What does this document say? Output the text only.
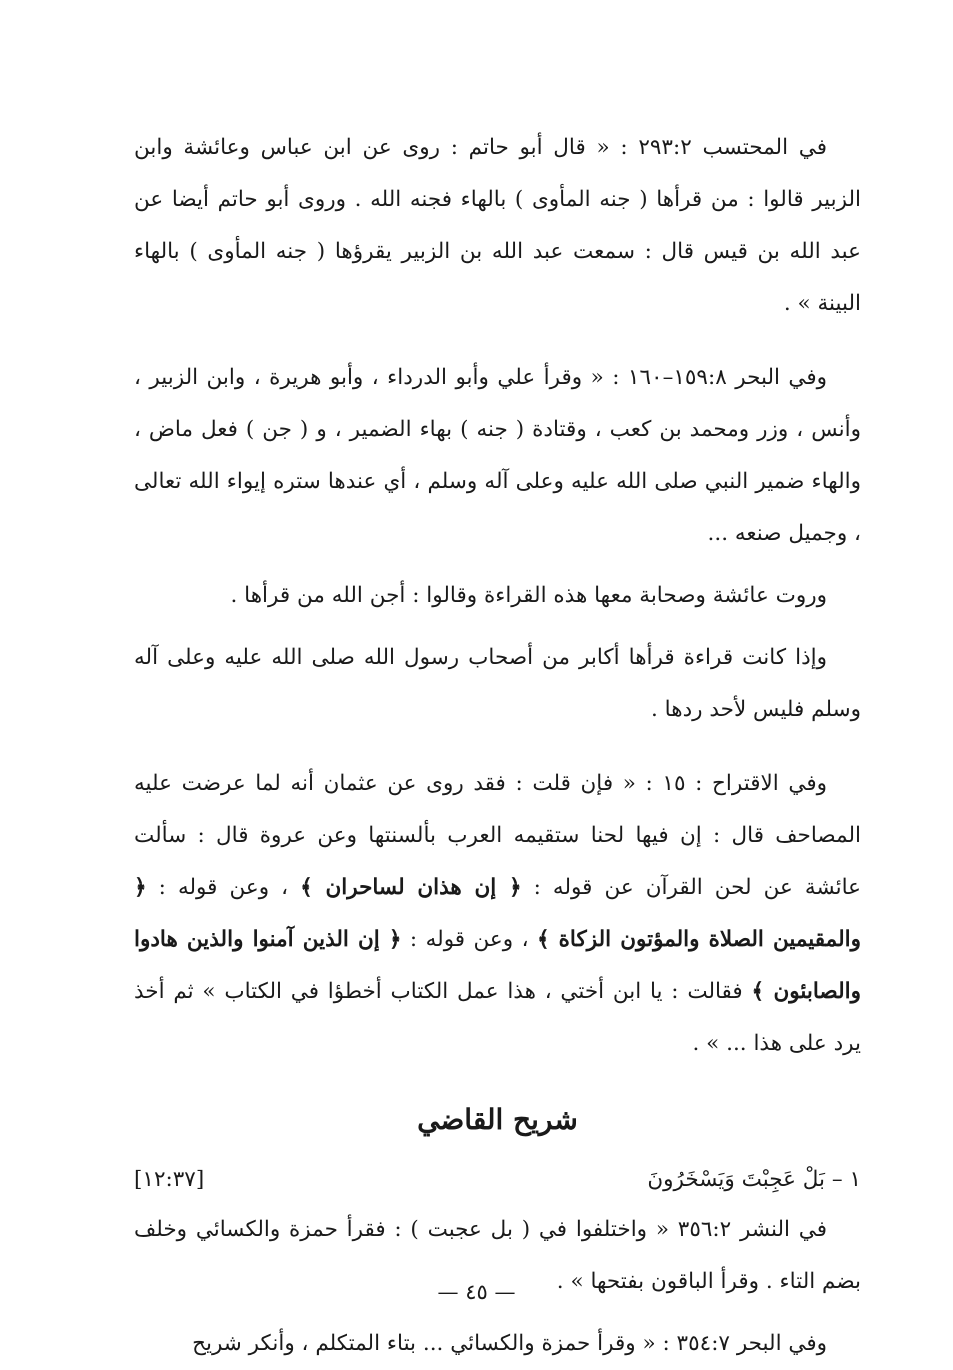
في المحتسب ٢٩٣:٢ : « قال أبو حاتم : روى عن ابن عباس وعائشة وابن الزبير قالوا : من قرأها ( جنه المأوى ) بالهاء فجنه الله . وروى أبو حاتم أيضا عن عبد الله بن قيس قال : سمعت عبد الله بن الزبير يقرؤها ( جنه المأوى ) بالهاء البينة » .

وفي البحر ١٥٩:٨–١٦٠ : « وقرأ علي وأبو الدرداء ، وأبو هريرة ، وابن الزبير ، وأنس ، وزر ومحمد بن كعب ، وقتادة ( جنه ) بهاء الضمير ، و ( جن ) فعل ماض ، والهاء ضمير النبي صلى الله عليه وعلى آله وسلم ، أي عندها ستره إيواء الله تعالى ، وجميل صنعه ...

وروت عائشة وصحابة معها هذه القراءة وقالوا : أجن الله من قرأها .

وإذا كانت قراءة قرأها أكابر من أصحاب رسول الله صلى الله عليه وعلى آله وسلم فليس لأحد ردها .

وفي الاقتراح : ١٥ : « فإن قلت : فقد روى عن عثمان أنه لما عرضت عليه المصاحف قال : إن فيها لحنا ستقيمه العرب بألسنتها وعن عروة قال : سألت عائشة عن لحن القرآن عن قوله : ﴿ إن هذان لساحران ﴾ ، وعن قوله : ﴿ والمقيمين الصلاة والمؤتون الزكاة ﴾ ، وعن قوله : ﴿ إن الذين آمنوا والذين هادوا والصابئون ﴾ فقالت : يا ابن أختي ، هذا عمل الكتاب أخطؤا في الكتاب » ثم أخذ يرد على هذا ... » .

شريح القاضي

١ – بَلْ عَجِبْتَ وَيَسْخَرُونَ
[١٢:٣٧]

في النشر ٣٥٦:٢ « واختلفوا في ( بل عجبت ) : فقرأ حمزة والكسائي وخلف بضم التاء . وقرأ الباقون بفتحها » .

وفي البحر ٣٥٤:٧ : « وقرأ حمزة والكسائي ... بتاء المتكلم ، وأنكر شريح

— ٤٥ —
